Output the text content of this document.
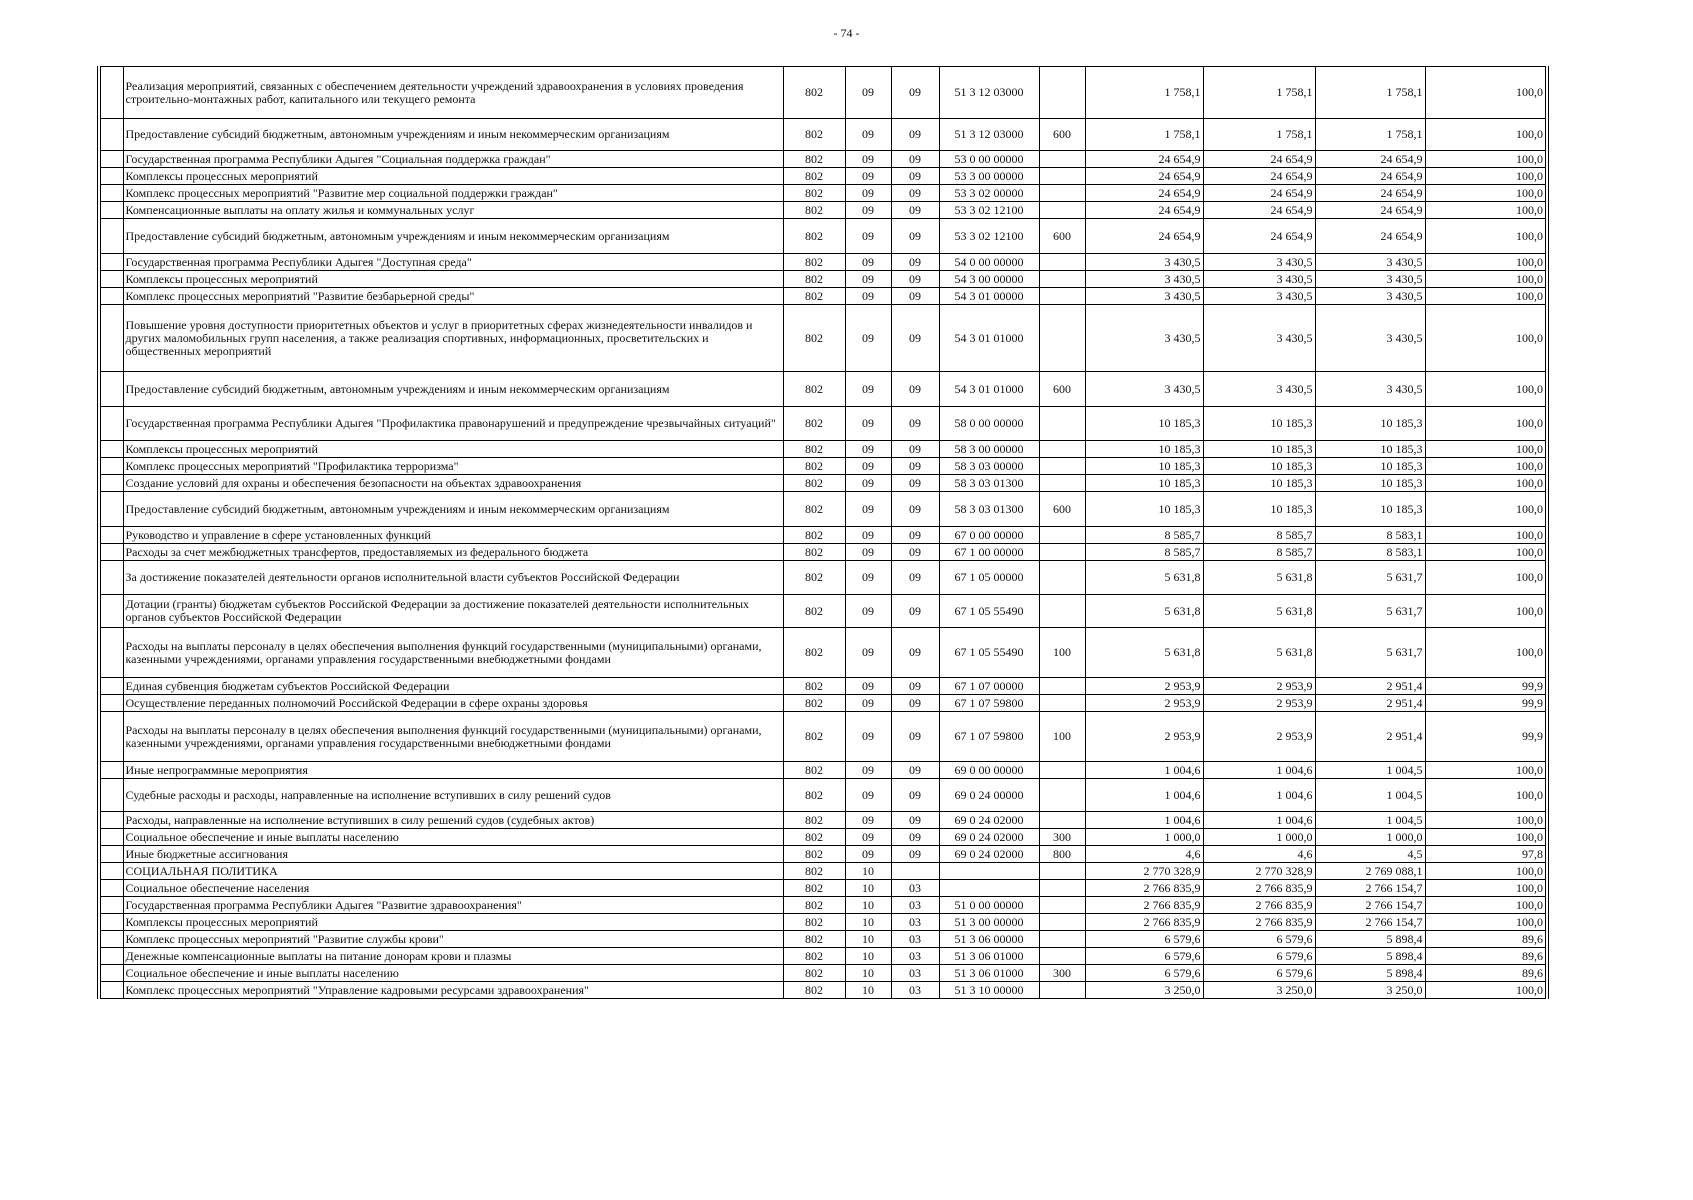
- 74 -
	Реализация мероприятий, связанных с обеспечением деятельности учреждений здравоохранения в условиях проведения строительно-монтажных работ, капитального или текущего ремонта	802	09	09	51 3 12 03000		1 758,1	1 758,1	1 758,1	100,0
	Предоставление субсидий бюджетным, автономным учреждениям и иным некоммерческим организациям	802	09	09	51 3 12 03000	600	1 758,1	1 758,1	1 758,1	100,0
	Государственная программа Республики Адыгея "Социальная поддержка граждан"	802	09	09	53 0 00 00000		24 654,9	24 654,9	24 654,9	100,0
	Комплексы процессных мероприятий	802	09	09	53 3 00 00000		24 654,9	24 654,9	24 654,9	100,0
	Комплекс процессных мероприятий "Развитие мер социальной поддержки граждан"	802	09	09	53 3 02 00000		24 654,9	24 654,9	24 654,9	100,0
	Компенсационные выплаты на оплату жилья и коммунальных услуг	802	09	09	53 3 02 12100		24 654,9	24 654,9	24 654,9	100,0
	Предоставление субсидий бюджетным, автономным учреждениям и иным некоммерческим организациям	802	09	09	53 3 02 12100	600	24 654,9	24 654,9	24 654,9	100,0
	Государственная программа Республики Адыгея "Доступная среда"	802	09	09	54 0 00 00000		3 430,5	3 430,5	3 430,5	100,0
	Комплексы процессных мероприятий	802	09	09	54 3 00 00000		3 430,5	3 430,5	3 430,5	100,0
	Комплекс процессных мероприятий "Развитие безбарьерной среды"	802	09	09	54 3 01 00000		3 430,5	3 430,5	3 430,5	100,0
	Повышение уровня доступности приоритетных объектов и услуг в приоритетных сферах жизнедеятельности инвалидов и других маломобильных групп населения, а также реализация спортивных, информационных, просветительских и общественных мероприятий	802	09	09	54 3 01 01000		3 430,5	3 430,5	3 430,5	100,0
	Предоставление субсидий бюджетным, автономным учреждениям и иным некоммерческим организациям	802	09	09	54 3 01 01000	600	3 430,5	3 430,5	3 430,5	100,0
	Государственная программа Республики Адыгея "Профилактика правонарушений и предупреждение чрезвычайных ситуаций"	802	09	09	58 0 00 00000		10 185,3	10 185,3	10 185,3	100,0
	Комплексы процессных мероприятий	802	09	09	58 3 00 00000		10 185,3	10 185,3	10 185,3	100,0
	Комплекс процессных мероприятий "Профилактика терроризма"	802	09	09	58 3 03 00000		10 185,3	10 185,3	10 185,3	100,0
	Создание условий для охраны и обеспечения безопасности на объектах здравоохранения	802	09	09	58 3 03 01300		10 185,3	10 185,3	10 185,3	100,0
	Предоставление субсидий бюджетным, автономным учреждениям и иным некоммерческим организациям	802	09	09	58 3 03 01300	600	10 185,3	10 185,3	10 185,3	100,0
	Руководство и управление в сфере установленных функций	802	09	09	67 0 00 00000		8 585,7	8 585,7	8 583,1	100,0
	Расходы за счет межбюджетных трансфертов, предоставляемых из федерального бюджета	802	09	09	67 1 00 00000		8 585,7	8 585,7	8 583,1	100,0
	За достижение показателей деятельности органов исполнительной власти субъектов Российской Федерации	802	09	09	67 1 05 00000		5 631,8	5 631,8	5 631,7	100,0
	Дотации (гранты) бюджетам субъектов Российской Федерации за достижение показателей деятельности исполнительных органов субъектов Российской Федерации	802	09	09	67 1 05 55490		5 631,8	5 631,8	5 631,7	100,0
	Расходы на выплаты персоналу в целях обеспечения выполнения функций государственными (муниципальными) органами, казенными учреждениями, органами управления государственными внебюджетными фондами	802	09	09	67 1 05 55490	100	5 631,8	5 631,8	5 631,7	100,0
	Единая субвенция бюджетам субъектов Российской Федерации	802	09	09	67 1 07 00000		2 953,9	2 953,9	2 951,4	99,9
	Осуществление переданных полномочий Российской Федерации в сфере охраны здоровья	802	09	09	67 1 07 59800		2 953,9	2 953,9	2 951,4	99,9
	Расходы на выплаты персоналу в целях обеспечения выполнения функций государственными (муниципальными) органами, казенными учреждениями, органами управления государственными внебюджетными фондами	802	09	09	67 1 07 59800	100	2 953,9	2 953,9	2 951,4	99,9
	Иные непрограммные мероприятия	802	09	09	69 0 00 00000		1 004,6	1 004,6	1 004,5	100,0
	Судебные расходы и расходы, направленные на исполнение вступивших в силу решений судов	802	09	09	69 0 24 00000		1 004,6	1 004,6	1 004,5	100,0
	Расходы, направленные на исполнение вступивших в силу решений судов (судебных актов)	802	09	09	69 0 24 02000		1 004,6	1 004,6	1 004,5	100,0
	Социальное обеспечение и иные выплаты населению	802	09	09	69 0 24 02000	300	1 000,0	1 000,0	1 000,0	100,0
	Иные бюджетные ассигнования	802	09	09	69 0 24 02000	800	4,6	4,6	4,5	97,8
	СОЦИАЛЬНАЯ ПОЛИТИКА	802	10				2 770 328,9	2 770 328,9	2 769 088,1	100,0
	Социальное обеспечение населения	802	10	03			2 766 835,9	2 766 835,9	2 766 154,7	100,0
	Государственная программа Республики Адыгея "Развитие здравоохранения"	802	10	03	51 0 00 00000		2 766 835,9	2 766 835,9	2 766 154,7	100,0
	Комплексы процессных мероприятий	802	10	03	51 3 00 00000		2 766 835,9	2 766 835,9	2 766 154,7	100,0
	Комплекс процессных мероприятий "Развитие службы крови"	802	10	03	51 3 06 00000		6 579,6	6 579,6	5 898,4	89,6
	Денежные компенсационные выплаты на питание донорам крови и плазмы	802	10	03	51 3 06 01000		6 579,6	6 579,6	5 898,4	89,6
	Социальное обеспечение и иные выплаты населению	802	10	03	51 3 06 01000	300	6 579,6	6 579,6	5 898,4	89,6
	Комплекс процессных мероприятий "Управление кадровыми ресурсами здравоохранения"	802	10	03	51 3 10 00000		3 250,0	3 250,0	3 250,0	100,0
